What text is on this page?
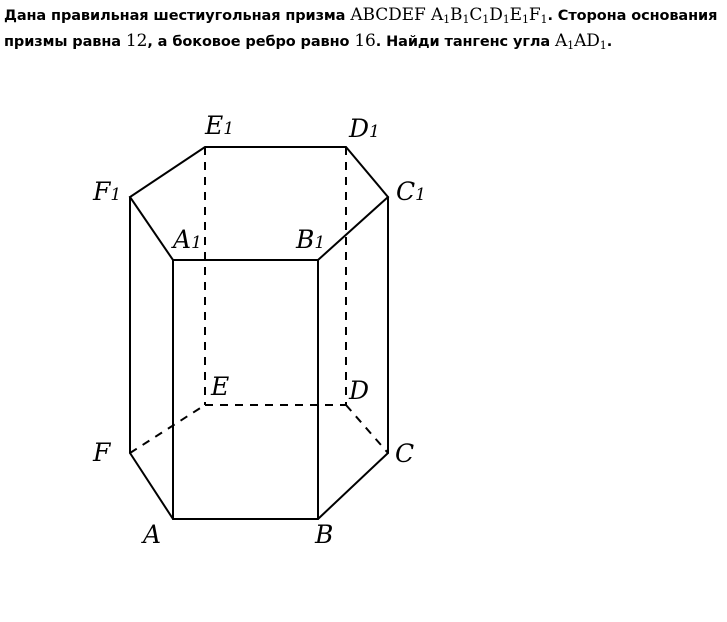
Дана правильная шестиугольная призма ABCDEF $A_1B_1C_1D_1E_1F_1$. Сторона основания призмы равна 12, а боковое ребро равно 16. Найди тангенс угла $A_1AD_1$.
E1	D1
F1	C1
A1	B1
E	D
F	C
A	B
